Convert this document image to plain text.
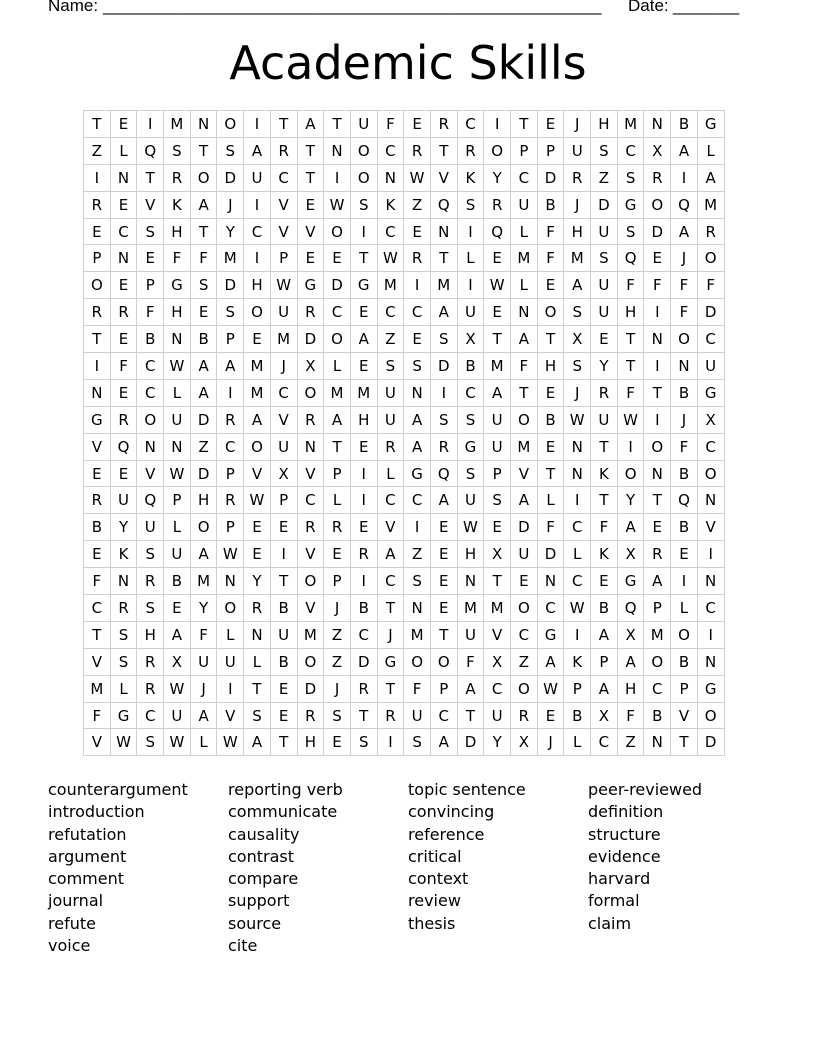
Name:

_______________________________________________________

Date:

_______

Academic Skills
T	E	I	M	N	O	I	T	A	T	U	F	E	R	C	I	T	E	J	H	M	N	B	G
Z	L	Q	S	T	S	A	R	T	N	O	C	R	T	R	O	P	P	U	S	C	X	A	L
I	N	T	R	O	D	U	C	T	I	O	N	W	V	K	Y	C	D	R	Z	S	R	I	A
R	E	V	K	A	J	I	V	E	W	S	K	Z	Q	S	R	U	B	J	D	G	O	Q	M
E	C	S	H	T	Y	C	V	V	O	I	C	E	N	I	Q	L	F	H	U	S	D	A	R
P	N	E	F	F	M	I	P	E	E	T	W	R	T	L	E	M	F	M	S	Q	E	J	O
O	E	P	G	S	D	H	W	G	D	G	M	I	M	I	W	L	E	A	U	F	F	F	F
R	R	F	H	E	S	O	U	R	C	E	C	C	A	U	E	N	O	S	U	H	I	F	D
T	E	B	N	B	P	E	M	D	O	A	Z	E	S	X	T	A	T	X	E	T	N	O	C
I	F	C	W	A	A	M	J	X	L	E	S	S	D	B	M	F	H	S	Y	T	I	N	U
N	E	C	L	A	I	M	C	O	M	M	U	N	I	C	A	T	E	J	R	F	T	B	G
G	R	O	U	D	R	A	V	R	A	H	U	A	S	S	U	O	B	W	U	W	I	J	X
V	Q	N	N	Z	C	O	U	N	T	E	R	A	R	G	U	M	E	N	T	I	O	F	C
E	E	V	W	D	P	V	X	V	P	I	L	G	Q	S	P	V	T	N	K	O	N	B	O
R	U	Q	P	H	R	W	P	C	L	I	C	C	A	U	S	A	L	I	T	Y	T	Q	N
B	Y	U	L	O	P	E	E	R	R	E	V	I	E	W	E	D	F	C	F	A	E	B	V
E	K	S	U	A	W	E	I	V	E	R	A	Z	E	H	X	U	D	L	K	X	R	E	I
F	N	R	B	M	N	Y	T	O	P	I	C	S	E	N	T	E	N	C	E	G	A	I	N
C	R	S	E	Y	O	R	B	V	J	B	T	N	E	M	M	O	C	W	B	Q	P	L	C
T	S	H	A	F	L	N	U	M	Z	C	J	M	T	U	V	C	G	I	A	X	M	O	I
V	S	R	X	U	U	L	B	O	Z	D	G	O	O	F	X	Z	A	K	P	A	O	B	N
M	L	R	W	J	I	T	E	D	J	R	T	F	P	A	C	O	W	P	A	H	C	P	G
F	G	C	U	A	V	S	E	R	S	T	R	U	C	T	U	R	E	B	X	F	B	V	O
V	W	S	W	L	W	A	T	H	E	S	I	S	A	D	Y	X	J	L	C	Z	N	T	D
counterargument
introduction
refutation
argument
comment
journal
refute
voice
reporting verb
communicate
causality
contrast
compare
support
source
cite
topic sentence
convincing
reference
critical
context
review
thesis
peer-reviewed
definition
structure
evidence
harvard
formal
claim
